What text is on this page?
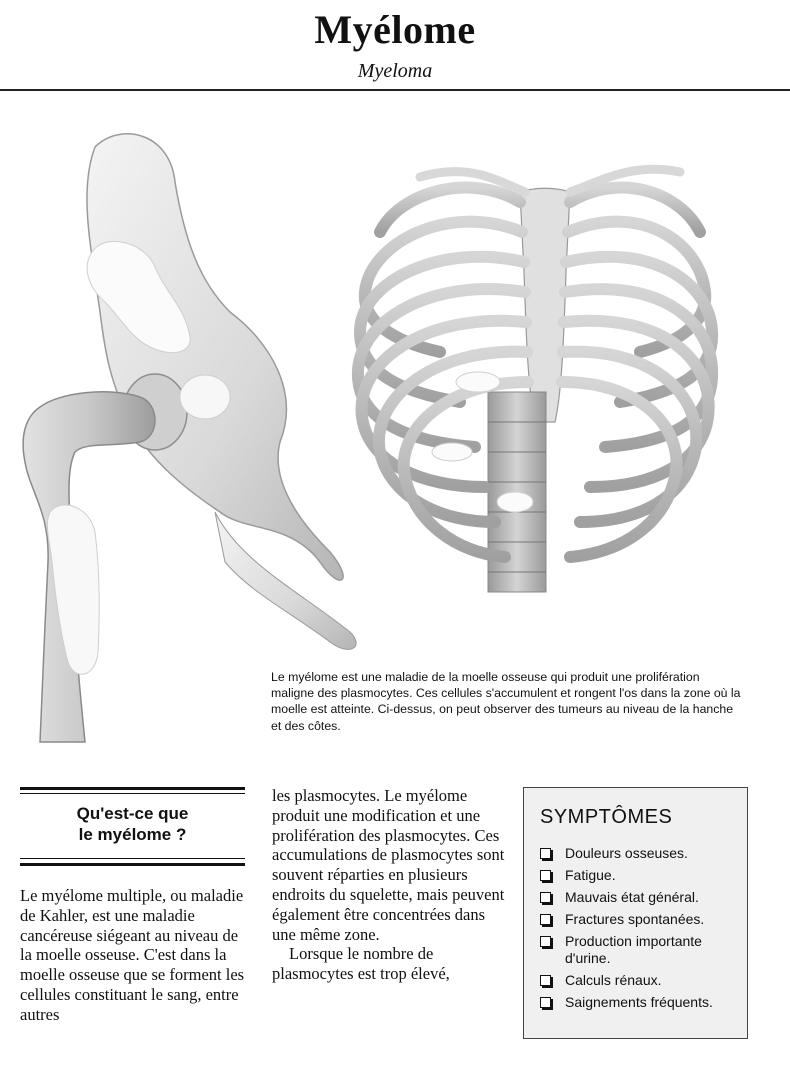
Myélome
Myeloma
Le myélome est une maladie de la moelle osseuse qui produit une prolifération maligne des plasmocytes. Ces cellules s'accumulent et rongent l'os dans la zone où la moelle est atteinte. Ci-dessus, on peut observer des tumeurs au niveau de la hanche et des côtes.
Qu'est-ce que
le myélome ?
Le myélome multiple, ou maladie de Kahler, est une maladie cancéreuse siégeant au niveau de la moelle osseuse. C'est dans la moelle osseuse que se forment les cellules constituant le sang, entre autres

les plasmocytes. Le myélome produit une modification et une prolifération des plasmocytes. Ces accumulations de plasmocytes sont souvent réparties en plusieurs endroits du squelette, mais peuvent également être concentrées dans une même zone.

Lorsque le nombre de plasmocytes est trop élevé,

SYMPTÔMES
Douleurs osseuses.
Fatigue.
Mauvais état général.
Fractures spontanées.
Production importante d'urine.
Calculs rénaux.
Saignements fréquents.
